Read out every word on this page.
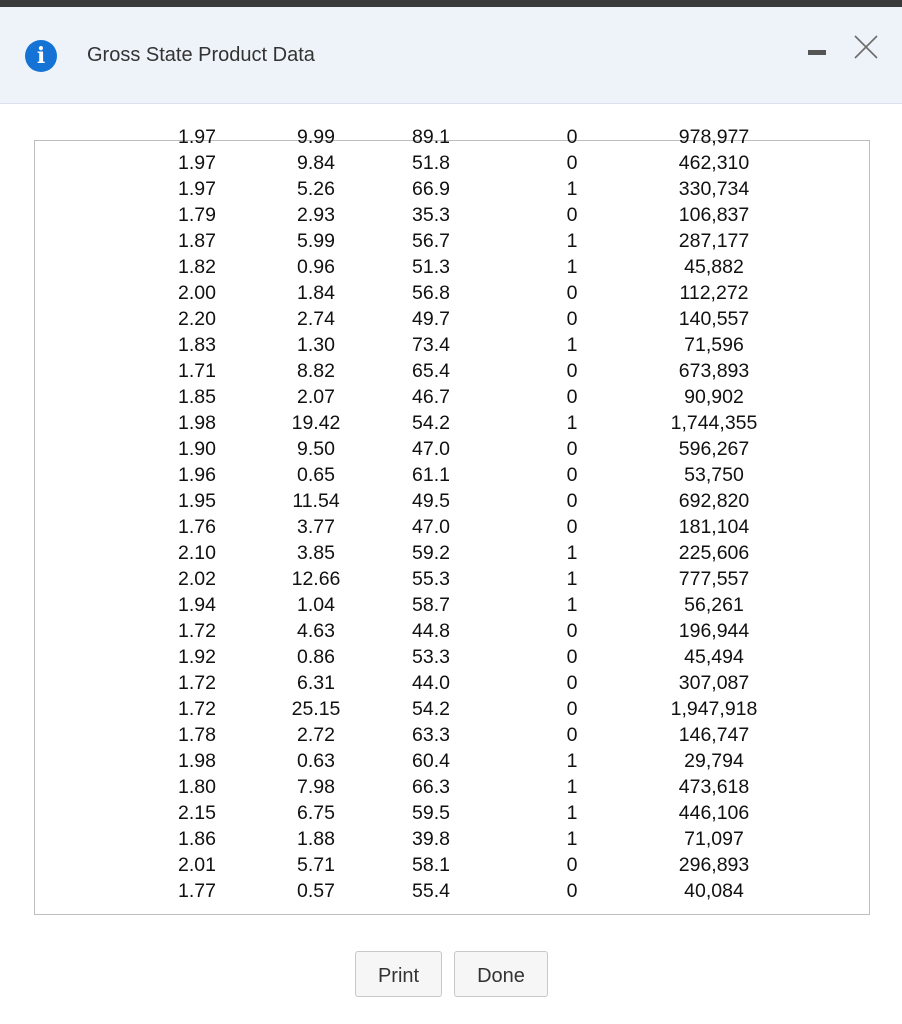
i	Gross State Product Data
1.97	9.99	89.1	0	978,977
1.97	9.84	51.8	0	462,310
1.97	5.26	66.9	1	330,734
1.79	2.93	35.3	0	106,837
1.87	5.99	56.7	1	287,177
1.82	0.96	51.3	1	45,882
2.00	1.84	56.8	0	112,272
2.20	2.74	49.7	0	140,557
1.83	1.30	73.4	1	71,596
1.71	8.82	65.4	0	673,893
1.85	2.07	46.7	0	90,902
1.98	19.42	54.2	1	1,744,355
1.90	9.50	47.0	0	596,267
1.96	0.65	61.1	0	53,750
1.95	11.54	49.5	0	692,820
1.76	3.77	47.0	0	181,104
2.10	3.85	59.2	1	225,606
2.02	12.66	55.3	1	777,557
1.94	1.04	58.7	1	56,261
1.72	4.63	44.8	0	196,944
1.92	0.86	53.3	0	45,494
1.72	6.31	44.0	0	307,087
1.72	25.15	54.2	0	1,947,918
1.78	2.72	63.3	0	146,747
1.98	0.63	60.4	1	29,794
1.80	7.98	66.3	1	473,618
2.15	6.75	59.5	1	446,106
1.86	1.88	39.8	1	71,097
2.01	5.71	58.1	0	296,893
1.77	0.57	55.4	0	40,084
Print	Done
